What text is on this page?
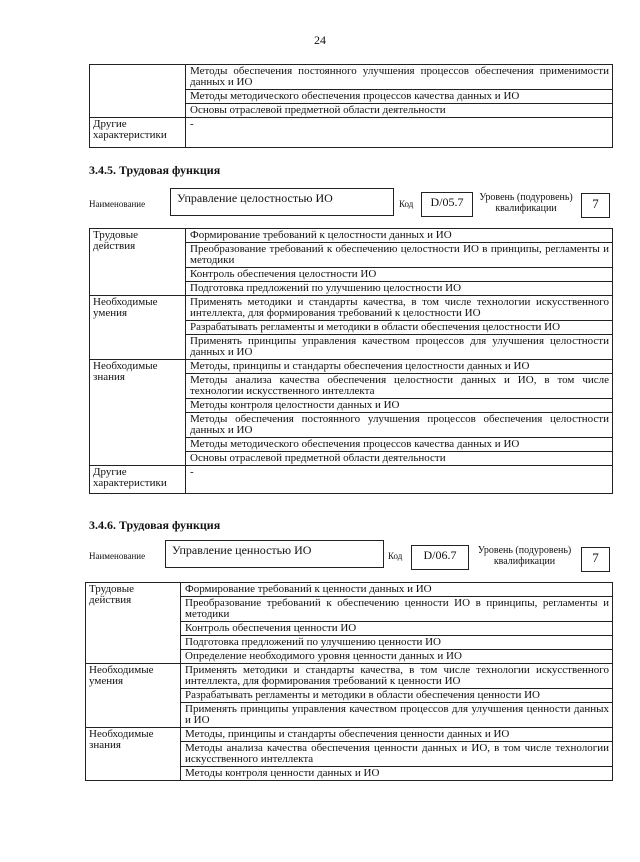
24
	Методы обеспечения постоянного улучшения процессов обеспечения применимости данных и ИО
	Методы методического обеспечения процессов качества данных и ИО
	Основы отраслевой предметной области деятельности
Другие характеристики	-
3.4.5. Трудовая функция
Наименование	Управление целостностью ИО	Код	D/05.7	Уровень (подуровень) квалификации	7
Трудовые действия	Формирование требований к целостности данных и ИО
	Преобразование требований к обеспечению целостности ИО в принципы, регламенты и методики
	Контроль обеспечения целостности ИО
	Подготовка предложений по улучшению целостности ИО
Необходимые умения	Применять методики и стандарты качества, в том числе технологии искусственного интеллекта, для формирования требований к целостности ИО
	Разрабатывать регламенты и методики в области обеспечения целостности ИО
	Применять принципы управления качеством процессов для улучшения целостности данных и ИО
Необходимые знания	Методы, принципы и стандарты обеспечения целостности данных и ИО
	Методы анализа качества обеспечения целостности данных и ИО, в том числе технологии искусственного интеллекта
	Методы контроля целостности данных и ИО
	Методы обеспечения постоянного улучшения процессов обеспечения целостности данных и ИО
	Методы методического обеспечения процессов качества данных и ИО
	Основы отраслевой предметной области деятельности
Другие характеристики	-
3.4.6. Трудовая функция
Наименование	Управление ценностью ИО	Код	D/06.7	Уровень (подуровень) квалификации	7
Трудовые действия	Формирование требований к ценности данных и ИО
	Преобразование требований к обеспечению ценности ИО в принципы, регламенты и методики
	Контроль обеспечения ценности ИО
	Подготовка предложений по улучшению ценности ИО
	Определение необходимого уровня ценности данных и ИО
Необходимые умения	Применять методики и стандарты качества, в том числе технологии искусственного интеллекта, для формирования требований к ценности ИО
	Разрабатывать регламенты и методики в области обеспечения ценности ИО
	Применять принципы управления качеством процессов для улучшения ценности данных и ИО
Необходимые знания	Методы, принципы и стандарты обеспечения ценности данных и ИО
	Методы анализа качества обеспечения ценности данных и ИО, в том числе технологии искусственного интеллекта
	Методы контроля ценности данных и ИО
